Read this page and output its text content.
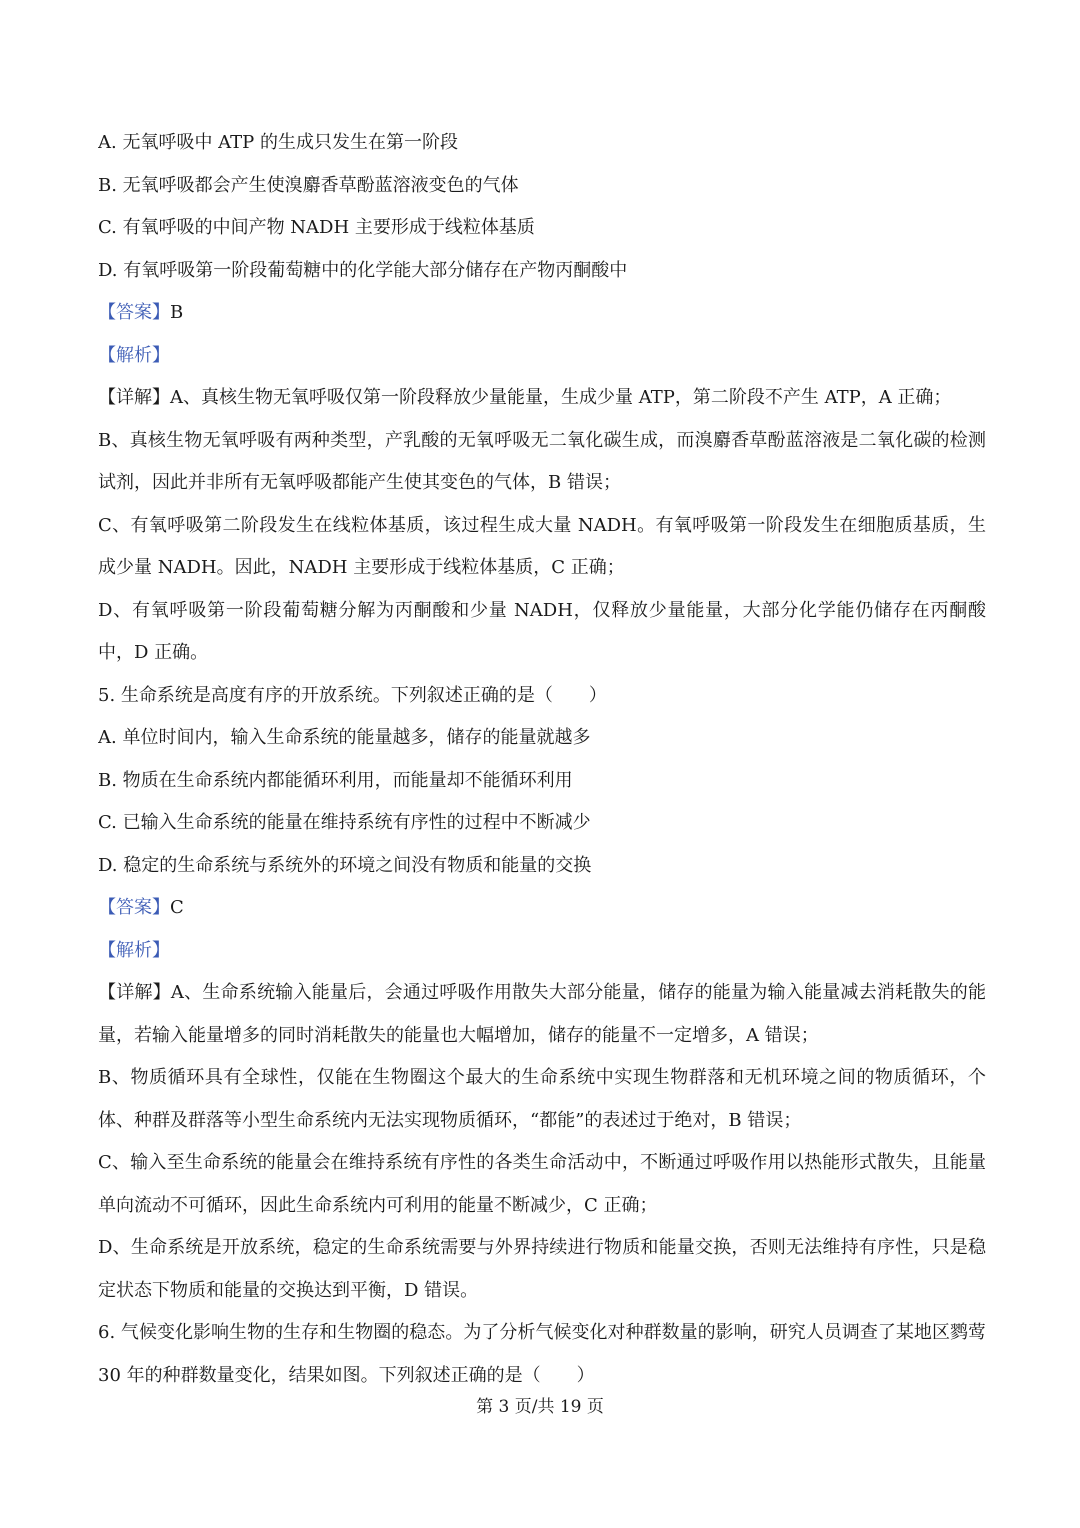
A. 无氧呼吸中 ATP 的生成只发生在第一阶段
B. 无氧呼吸都会产生使溴麝香草酚蓝溶液变色的气体
C. 有氧呼吸的中间产物 NADH 主要形成于线粒体基质
D. 有氧呼吸第一阶段葡萄糖中的化学能大部分储存在产物丙酮酸中
【答案】B
【解析】
【详解】A、真核生物无氧呼吸仅第一阶段释放少量能量，生成少量 ATP，第二阶段不产生 ATP，A 正确；
B、真核生物无氧呼吸有两种类型，产乳酸的无氧呼吸无二氧化碳生成，而溴麝香草酚蓝溶液是二氧化碳的检测试剂，因此并非所有无氧呼吸都能产生使其变色的气体，B 错误；
C、有氧呼吸第二阶段发生在线粒体基质，该过程生成大量 NADH。有氧呼吸第一阶段发生在细胞质基质，生成少量 NADH。因此，NADH 主要形成于线粒体基质，C 正确；
D、有氧呼吸第一阶段葡萄糖分解为丙酮酸和少量 NADH，仅释放少量能量，大部分化学能仍储存在丙酮酸中，D 正确。
5. 生命系统是高度有序的开放系统。下列叙述正确的是（　　）
A. 单位时间内，输入生命系统的能量越多，储存的能量就越多
B. 物质在生命系统内都能循环利用，而能量却不能循环利用
C. 已输入生命系统的能量在维持系统有序性的过程中不断减少
D. 稳定的生命系统与系统外的环境之间没有物质和能量的交换
【答案】C
【解析】
【详解】A、生命系统输入能量后，会通过呼吸作用散失大部分能量，储存的能量为输入能量减去消耗散失的能量，若输入能量增多的同时消耗散失的能量也大幅增加，储存的能量不一定增多，A 错误；
B、物质循环具有全球性，仅能在生物圈这个最大的生命系统中实现生物群落和无机环境之间的物质循环，个体、种群及群落等小型生命系统内无法实现物质循环，“都能”的表述过于绝对，B 错误；
C、输入至生命系统的能量会在维持系统有序性的各类生命活动中，不断通过呼吸作用以热能形式散失，且能量单向流动不可循环，因此生命系统内可利用的能量不断减少，C 正确；
D、生命系统是开放系统，稳定的生命系统需要与外界持续进行物质和能量交换，否则无法维持有序性，只是稳定状态下物质和能量的交换达到平衡，D 错误。
6. 气候变化影响生物的生存和生物圈的稳态。为了分析气候变化对种群数量的影响，研究人员调查了某地区鹨莺 30 年的种群数量变化，结果如图。下列叙述正确的是（　　）
第 3 页/共 19 页
